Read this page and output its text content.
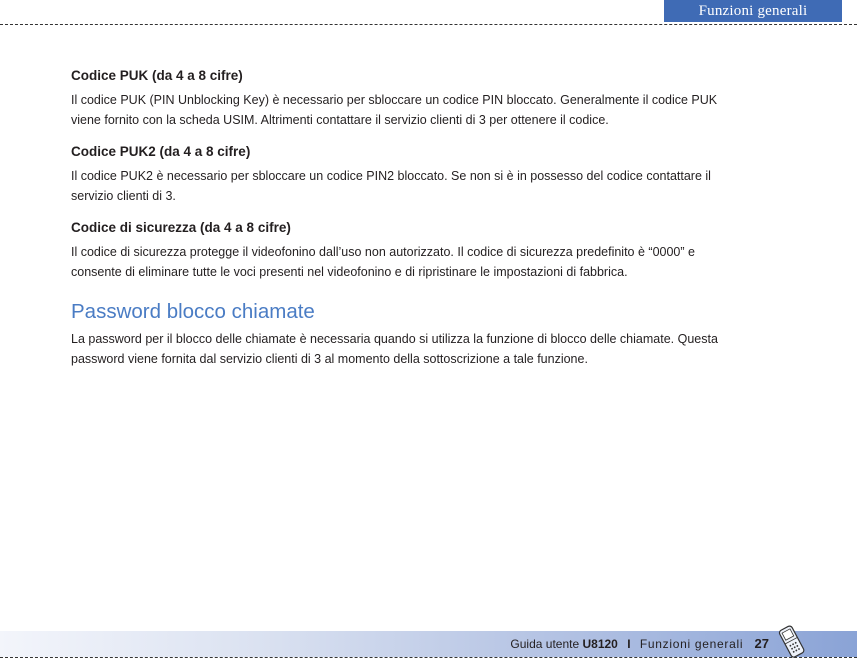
Funzioni generali

Codice PUK (da 4 a 8 cifre)

Il codice PUK (PIN Unblocking Key) è necessario per sbloccare un codice PIN bloccato. Generalmente il codice PUK
viene fornito con la scheda USIM. Altrimenti contattare il servizio clienti di 3 per ottenere il codice.

Codice PUK2 (da 4 a 8 cifre)

Il codice PUK2 è necessario per sbloccare un codice PIN2 bloccato. Se non si è in possesso del codice contattare il
servizio clienti di 3.

Codice di sicurezza (da 4 a 8 cifre)

Il codice di sicurezza protegge il videofonino dall’uso non autorizzato. Il codice di sicurezza predefinito è “0000” e
consente di eliminare tutte le voci presenti nel videofonino e di ripristinare le impostazioni di fabbrica.

Password blocco chiamate

La password per il blocco delle chiamate è necessaria quando si utilizza la funzione di blocco delle chiamate. Questa
password viene fornita dal servizio clienti di 3 al momento della sottoscrizione a tale funzione.

Guida utente U8120 I Funzioni generali 27
